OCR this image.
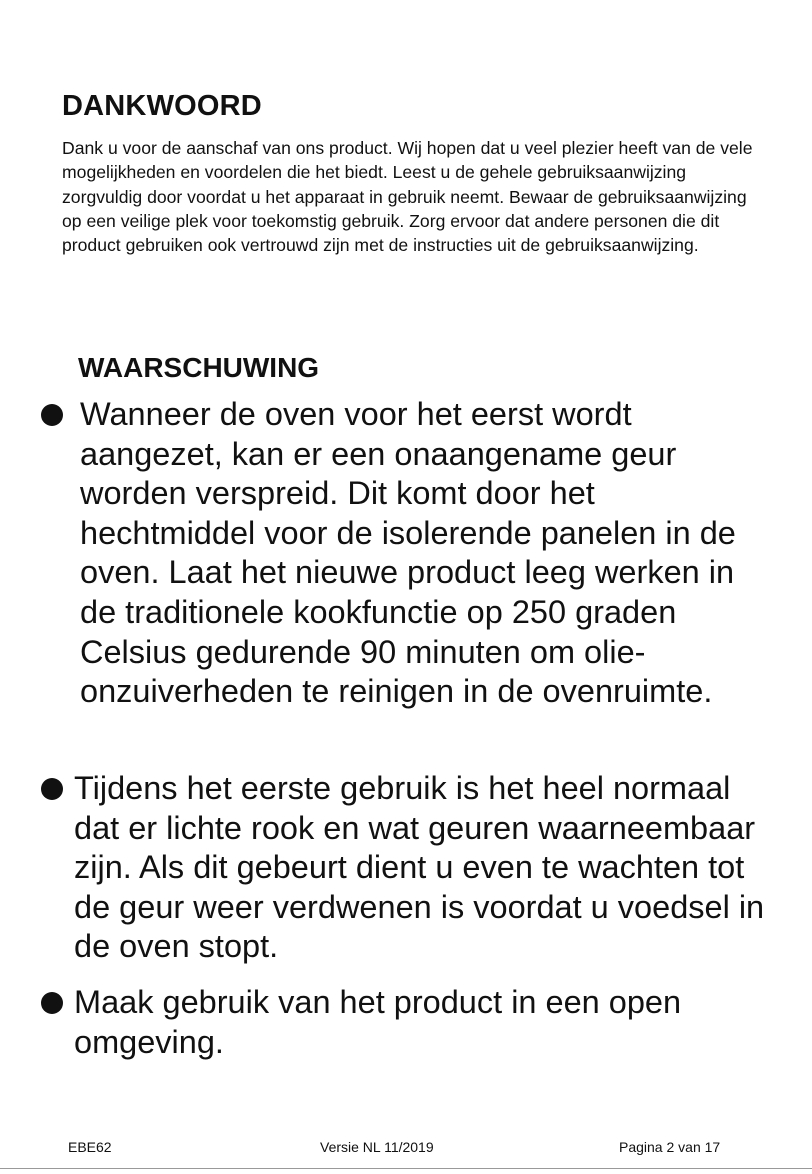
DANKWOORD

Dank u voor de aanschaf van ons product. Wij hopen dat u veel plezier heeft van de vele mogelijkheden en voordelen die het biedt. Leest u de gehele gebruiksaanwijzing zorgvuldig door voordat u het apparaat in gebruik neemt. Bewaar de gebruiksaanwijzing op een veilige plek voor toekomstig gebruik. Zorg ervoor dat andere personen die dit product gebruiken ook vertrouwd zijn met de instructies uit de gebruiksaanwijzing.

WAARSCHUWING

Wanneer de oven voor het eerst wordt aangezet, kan er een onaangename geur worden verspreid. Dit komt door het hechtmiddel voor de isolerende panelen in de oven. Laat het nieuwe product leeg werken in de traditionele kookfunctie op 250 graden Celsius gedurende 90 minuten om olie-onzuiverheden te reinigen in de ovenruimte.

Tijdens het eerste gebruik is het heel normaal dat er lichte rook en wat geuren waarneembaar zijn. Als dit gebeurt dient u even te wachten tot de geur weer verdwenen is voordat u voedsel in de oven stopt.

Maak gebruik van het product in een open omgeving.

EBE62	Versie NL 11/2019	Pagina 2 van 17
